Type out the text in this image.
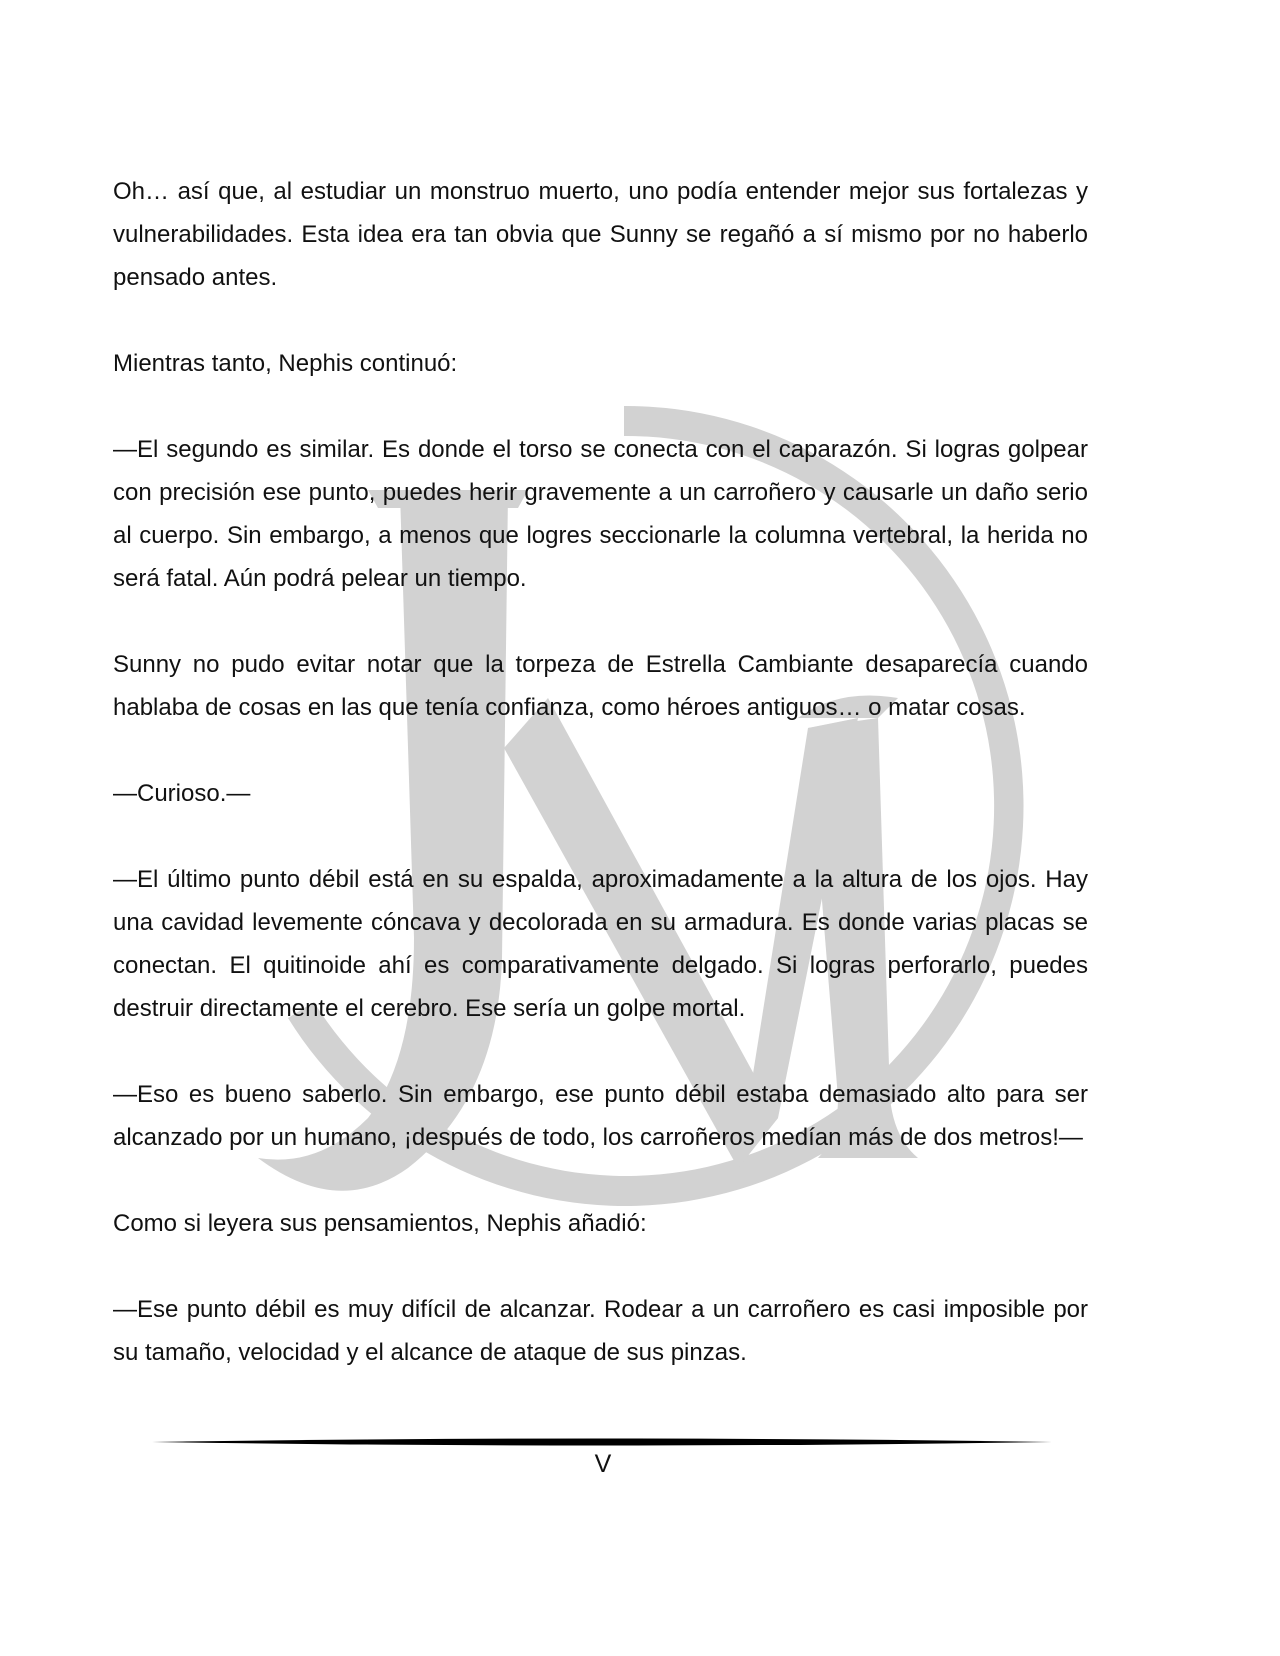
Oh… así que, al estudiar un monstruo muerto, uno podía entender mejor sus fortalezas y vulnerabilidades. Esta idea era tan obvia que Sunny se regañó a sí mismo por no haberlo pensado antes.

Mientras tanto, Nephis continuó:

—El segundo es similar. Es donde el torso se conecta con el caparazón. Si logras golpear con precisión ese punto, puedes herir gravemente a un carroñero y causarle un daño serio al cuerpo. Sin embargo, a menos que logres seccionarle la columna vertebral, la herida no será fatal. Aún podrá pelear un tiempo.

Sunny no pudo evitar notar que la torpeza de Estrella Cambiante desaparecía cuando hablaba de cosas en las que tenía confianza, como héroes antiguos… o matar cosas.

—Curioso.—

—El último punto débil está en su espalda, aproximadamente a la altura de los ojos. Hay una cavidad levemente cóncava y decolorada en su armadura. Es donde varias placas se conectan. El quitinoide ahí es comparativamente delgado. Si logras perforarlo, puedes destruir directamente el cerebro. Ese sería un golpe mortal.

—Eso es bueno saberlo. Sin embargo, ese punto débil estaba demasiado alto para ser alcanzado por un humano, ¡después de todo, los carroñeros medían más de dos metros!—

Como si leyera sus pensamientos, Nephis añadió:

—Ese punto débil es muy difícil de alcanzar. Rodear a un carroñero es casi imposible por su tamaño, velocidad y el alcance de ataque de sus pinzas.

V
